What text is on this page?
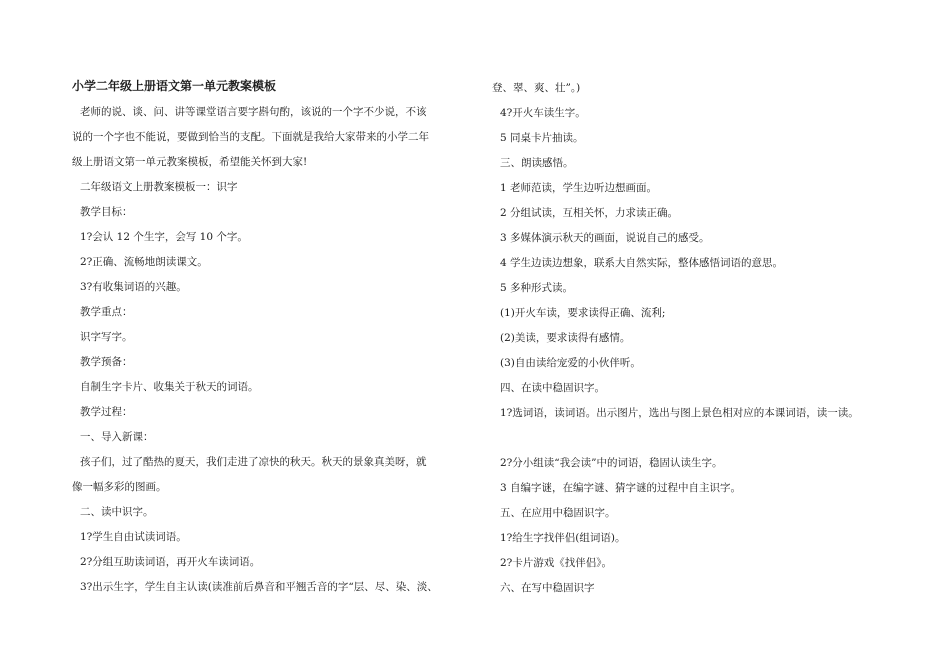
小学二年级上册语文第一单元教案模板

老师的说、谈、问、讲等课堂语言要字斟句酌，该说的一个字不少说，不该

说的一个字也不能说，要做到恰当的支配。下面就是我给大家带来的小学二年

级上册语文第一单元教案模板，希望能关怀到大家!

二年级语文上册教案模板一：识字

教学目标：

1?会认 12 个生字，会写 10 个字。

2?正确、流畅地朗读课文。

3?有收集词语的兴趣。

教学重点：

识字写字。

教学预备：

自制生字卡片、收集关于秋天的词语。

教学过程：

一、导入新课：

孩子们，过了酷热的夏天，我们走进了凉快的秋天。秋天的景象真美呀，就

像一幅多彩的图画。

二、读中识字。

1?学生自由试读词语。

2?分组互助读词语，再开火车读词语。

3?出示生字，学生自主认读(读准前后鼻音和平翘舌音的字“层、尽、染、淡、

登、翠、爽、壮”。)

4?开火车读生字。

5 同桌卡片抽读。

三、朗读感悟。

1 老师范读，学生边听边想画面。

2 分组试读，互相关怀，力求读正确。

3 多媒体演示秋天的画面，说说自己的感受。

4 学生边读边想象，联系大自然实际，整体感悟词语的意思。

5 多种形式读。

(1)开火车读，要求读得正确、流利;

(2)美读，要求读得有感情。

(3)自由读给宠爱的小伙伴听。

四、在读中稳固识字。

1?选词语，读词语。出示图片，选出与图上景色相对应的本课词语，读一读。

2?分小组读“我会读”中的词语，稳固认读生字。

3 自编字谜，在编字谜、猜字谜的过程中自主识字。

五、在应用中稳固识字。

1?给生字找伴侣(组词语)。

2?卡片游戏《找伴侣》。

六、在写中稳固识字
